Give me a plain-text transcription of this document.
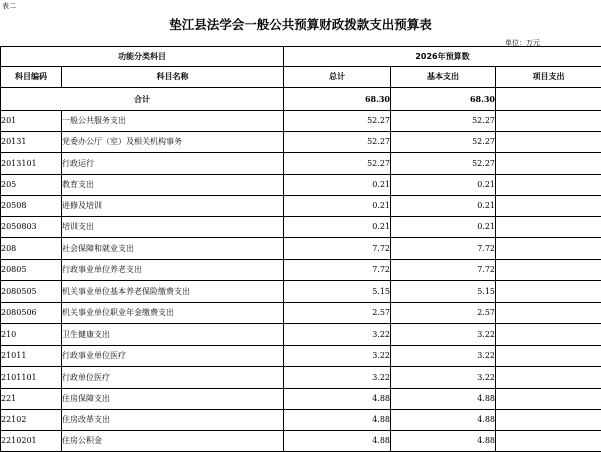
表二
垫江县法学会一般公共预算财政拨款支出预算表
单位：万元
功能分类科目		2026年预算数		
科目编码	科目名称	总计	基本支出	项目支出
合计		68.30	68.30	
201	一般公共服务支出	52.27	52.27	
20131	党委办公厅（室）及相关机构事务	52.27	52.27	
2013101	行政运行	52.27	52.27	
205	教育支出	0.21	0.21	
20508	进修及培训	0.21	0.21	
2050803	培训支出	0.21	0.21	
208	社会保障和就业支出	7.72	7.72	
20805	行政事业单位养老支出	7.72	7.72	
2080505	机关事业单位基本养老保险缴费支出	5.15	5.15	
2080506	机关事业单位职业年金缴费支出	2.57	2.57	
210	卫生健康支出	3.22	3.22	
21011	行政事业单位医疗	3.22	3.22	
2101101	行政单位医疗	3.22	3.22	
221	住房保障支出	4.88	4.88	
22102	住房改革支出	4.88	4.88	
2210201	住房公积金	4.88	4.88	
